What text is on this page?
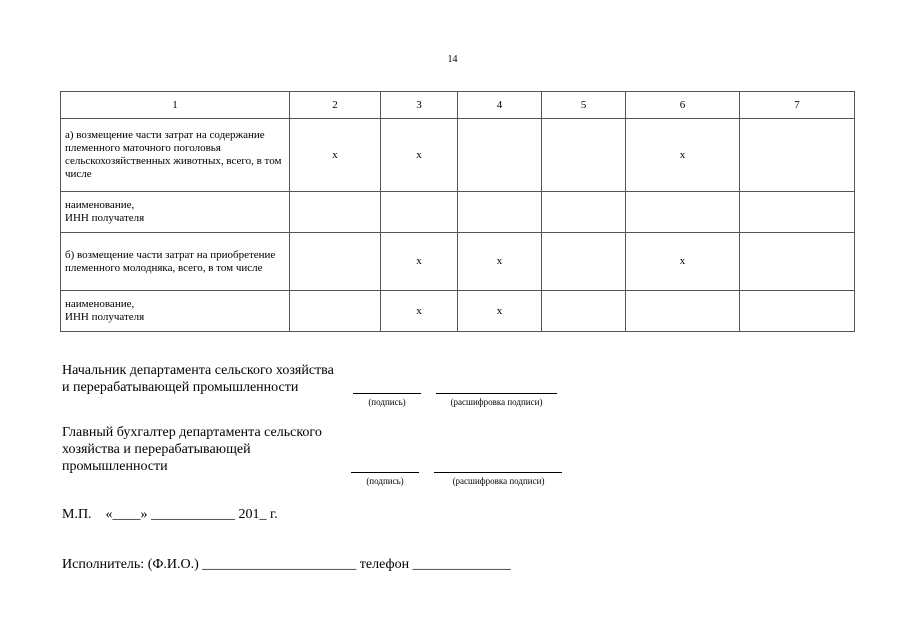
14
1	2	3	4	5	6	7
а) возмещение части затрат на содержание племенного маточного поголовья сельскохозяйственных животных, всего, в том числе	х	х			х	
наименование,
ИНН получателя						
б) возмещение части затрат на приобретение племенного молодняка, всего, в том числе		х	х		х	
наименование,
ИНН получателя		х	х			
Начальник департамента сельского хозяйства
и перерабатывающей промышленности
(подпись)	(расшифровка подписи)
Главный бухгалтер департамента сельского
хозяйства и перерабатывающей
промышленности
(подпись)	(расшифровка подписи)
М.П.    «____» ____________ 201_ г.
Исполнитель: (Ф.И.О.) ______________________ телефон ______________
